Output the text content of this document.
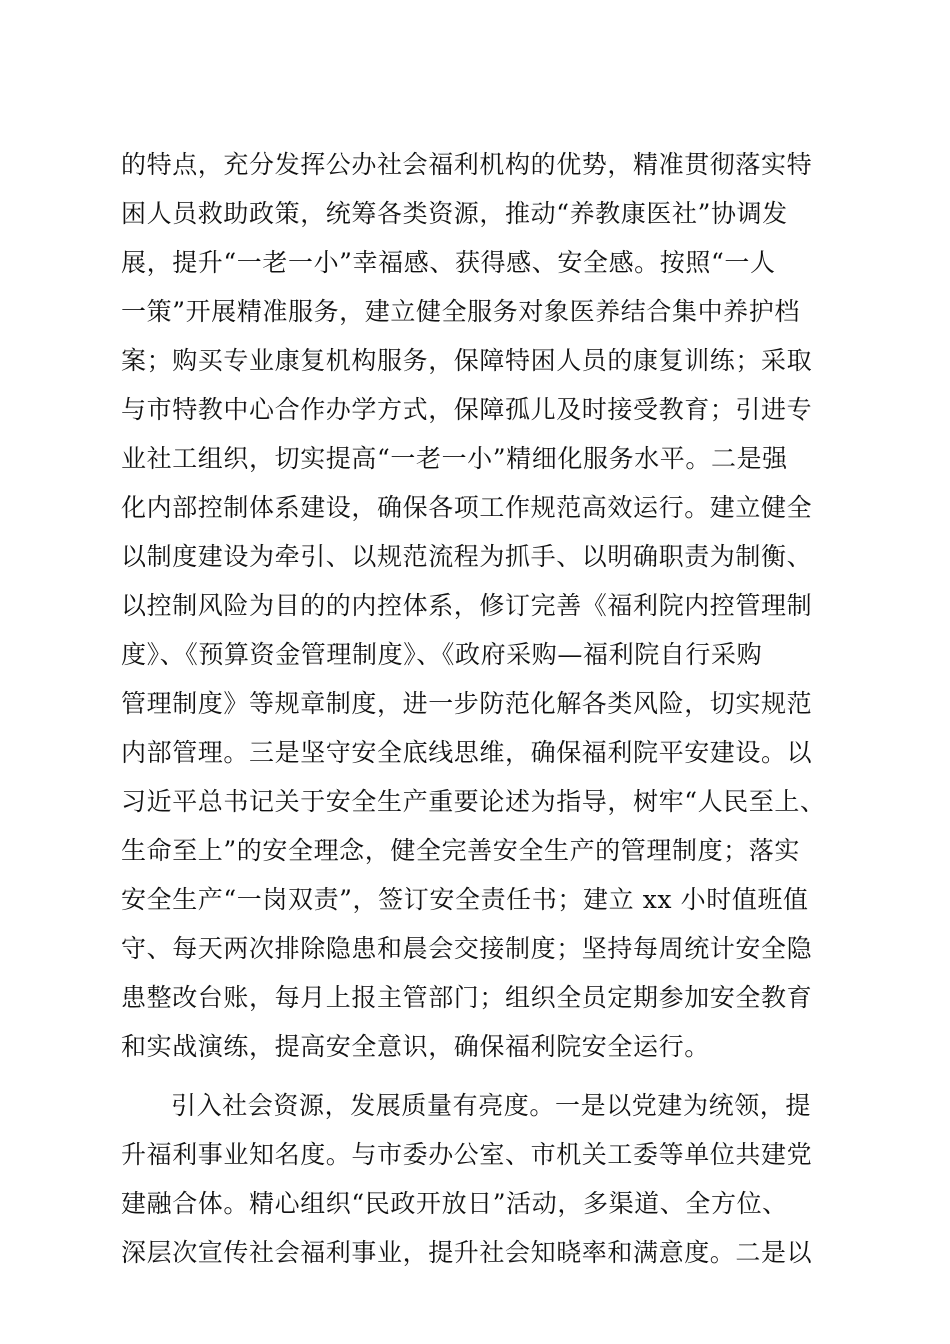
的特点，充分发挥公办社会福利机构的优势，精准贯彻落实特

困人员救助政策，统筹各类资源，推动“养教康医社”协调发

展，提升“一老一小”幸福感、获得感、安全感。按照“一人

一策”开展精准服务，建立健全服务对象医养结合集中养护档

案；购买专业康复机构服务，保障特困人员的康复训练；采取

与市特教中心合作办学方式，保障孤儿及时接受教育；引进专

业社工组织，切实提高“一老一小”精细化服务水平。二是强

化内部控制体系建设，确保各项工作规范高效运行。建立健全

以制度建设为牵引、以规范流程为抓手、以明确职责为制衡、

以控制风险为目的的内控体系，修订完善《福利院内控管理制

度》、《预算资金管理制度》、《政府采购—福利院自行采购

管理制度》等规章制度，进一步防范化解各类风险，切实规范

内部管理。三是坚守安全底线思维，确保福利院平安建设。以

习近平总书记关于安全生产重要论述为指导，树牢“人民至上、

生命至上”的安全理念，健全完善安全生产的管理制度；落实

安全生产“一岗双责”，签订安全责任书；建立 xx 小时值班值

守、每天两次排除隐患和晨会交接制度；坚持每周统计安全隐

患整改台账，每月上报主管部门；组织全员定期参加安全教育

和实战演练，提高安全意识，确保福利院安全运行。

引入社会资源，发展质量有亮度。一是以党建为统领，提

升福利事业知名度。与市委办公室、市机关工委等单位共建党

建融合体。精心组织“民政开放日”活动，多渠道、全方位、

深层次宣传社会福利事业，提升社会知晓率和满意度。二是以
